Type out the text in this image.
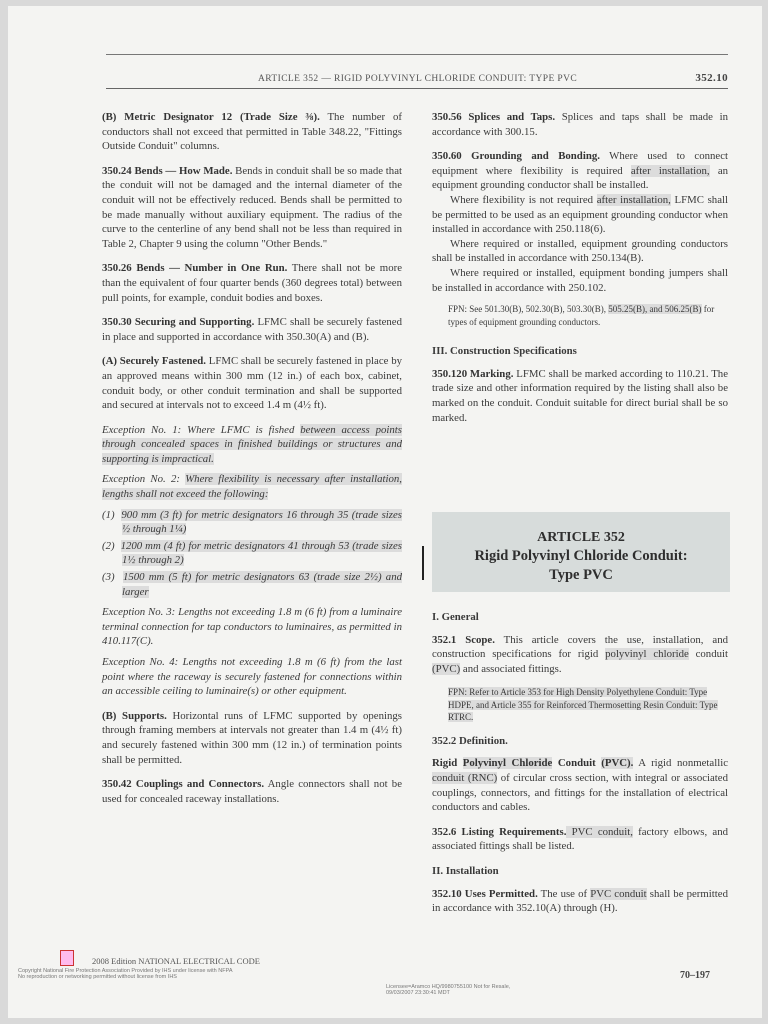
ARTICLE 352 — RIGID POLYVINYL CHLORIDE CONDUIT: TYPE PVC	352.10

(B) Metric Designator 12 (Trade Size ⅜). The number of conductors shall not exceed that permitted in Table 348.22, "Fittings Outside Conduit" columns.

350.24 Bends — How Made. Bends in conduit shall be so made that the conduit will not be damaged and the internal diameter of the conduit will not be effectively reduced. Bends shall be permitted to be made manually without auxiliary equipment. The radius of the curve to the centerline of any bend shall not be less than required in Table 2, Chapter 9 using the column "Other Bends."

350.26 Bends — Number in One Run. There shall not be more than the equivalent of four quarter bends (360 degrees total) between pull points, for example, conduit bodies and boxes.

350.30 Securing and Supporting. LFMC shall be securely fastened in place and supported in accordance with 350.30(A) and (B).

(A) Securely Fastened. LFMC shall be securely fastened in place by an approved means within 300 mm (12 in.) of each box, cabinet, conduit body, or other conduit termination and shall be supported and secured at intervals not to exceed 1.4 m (4½ ft).

Exception No. 1: Where LFMC is fished between access points through concealed spaces in finished buildings or structures and supporting is impractical.

Exception No. 2: Where flexibility is necessary after installation, lengths shall not exceed the following:

(1) 900 mm (3 ft) for metric designators 16 through 35 (trade sizes ½ through 1¼)

(2) 1200 mm (4 ft) for metric designators 41 through 53 (trade sizes 1½ through 2)

(3) 1500 mm (5 ft) for metric designators 63 (trade size 2½) and larger

Exception No. 3: Lengths not exceeding 1.8 m (6 ft) from a luminaire terminal connection for tap conductors to luminaires, as permitted in 410.117(C).

Exception No. 4: Lengths not exceeding 1.8 m (6 ft) from the last point where the raceway is securely fastened for connections within an accessible ceiling to luminaire(s) or other equipment.

(B) Supports. Horizontal runs of LFMC supported by openings through framing members at intervals not greater than 1.4 m (4½ ft) and securely fastened within 300 mm (12 in.) of termination points shall be permitted.

350.42 Couplings and Connectors. Angle connectors shall not be used for concealed raceway installations.

350.56 Splices and Taps. Splices and taps shall be made in accordance with 300.15.

350.60 Grounding and Bonding. Where used to connect equipment where flexibility is required after installation, an equipment grounding conductor shall be installed.

Where flexibility is not required after installation, LFMC shall be permitted to be used as an equipment grounding conductor when installed in accordance with 250.118(6).

Where required or installed, equipment grounding conductors shall be installed in accordance with 250.134(B).

Where required or installed, equipment bonding jumpers shall be installed in accordance with 250.102.

FPN: See 501.30(B), 502.30(B), 503.30(B), 505.25(B), and 506.25(B) for types of equipment grounding conductors.

III. Construction Specifications

350.120 Marking. LFMC shall be marked according to 110.21. The trade size and other information required by the listing shall also be marked on the conduit. Conduit suitable for direct burial shall be so marked.

ARTICLE 352
Rigid Polyvinyl Chloride Conduit:
Type PVC

I. General

352.1 Scope. This article covers the use, installation, and construction specifications for rigid polyvinyl chloride conduit (PVC) and associated fittings.

FPN: Refer to Article 353 for High Density Polyethylene Conduit: Type HDPE, and Article 355 for Reinforced Thermosetting Resin Conduit: Type RTRC.

352.2 Definition.

Rigid Polyvinyl Chloride Conduit (PVC). A rigid nonmetallic conduit (RNC) of circular cross section, with integral or associated couplings, connectors, and fittings for the installation of electrical conductors and cables.

352.6 Listing Requirements. PVC conduit, factory elbows, and associated fittings shall be listed.

II. Installation

352.10 Uses Permitted. The use of PVC conduit shall be permitted in accordance with 352.10(A) through (H).

2008 Edition NATIONAL ELECTRICAL CODE
Copyright National Fire Protection Association Provided by IHS under license with NFPA No reproduction or networking permitted without license from IHS
Licensee=Aramco HQ/9980755100 Not for Resale, 09/03/2007 23:30:41 MDT
70–197
